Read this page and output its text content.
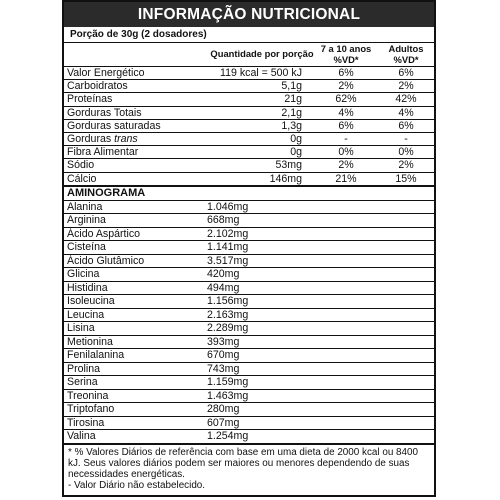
INFORMAÇÃO NUTRICIONAL
Porção de 30g (2 dosadores)
	Quantidade por porção	7 a 10 anos %VD*	Adultos %VD*
Valor Energético	119 kcal = 500 kJ	6%	6%
Carboidratos	5,1g	2%	2%
Proteínas	21g	62%	42%
Gorduras Totais	2,1g	4%	4%
Gorduras saturadas	1,3g	6%	6%
Gorduras trans	0g	-	-
Fibra Alimentar	0g	0%	0%
Sódio	53mg	2%	2%
Cálcio	146mg	21%	15%
AMINOGRAMA
Alanina	1.046mg
Arginina	668mg
Ácido Aspártico	2.102mg
Cisteína	1.141mg
Ácido Glutâmico	3.517mg
Glicina	420mg
Histidina	494mg
Isoleucina	1.156mg
Leucina	2.163mg
Lisina	2.289mg
Metionina	393mg
Fenilalanina	670mg
Prolina	743mg
Serina	1.159mg
Treonina	1.463mg
Triptofano	280mg
Tirosina	607mg
Valina	1.254mg

* % Valores Diários de referência com base em uma dieta de 2000 kcal ou 8400 kJ. Seus valores diários podem ser maiores ou menores dependendo de suas necessidades energéticas.

- Valor Diário não estabelecido.
